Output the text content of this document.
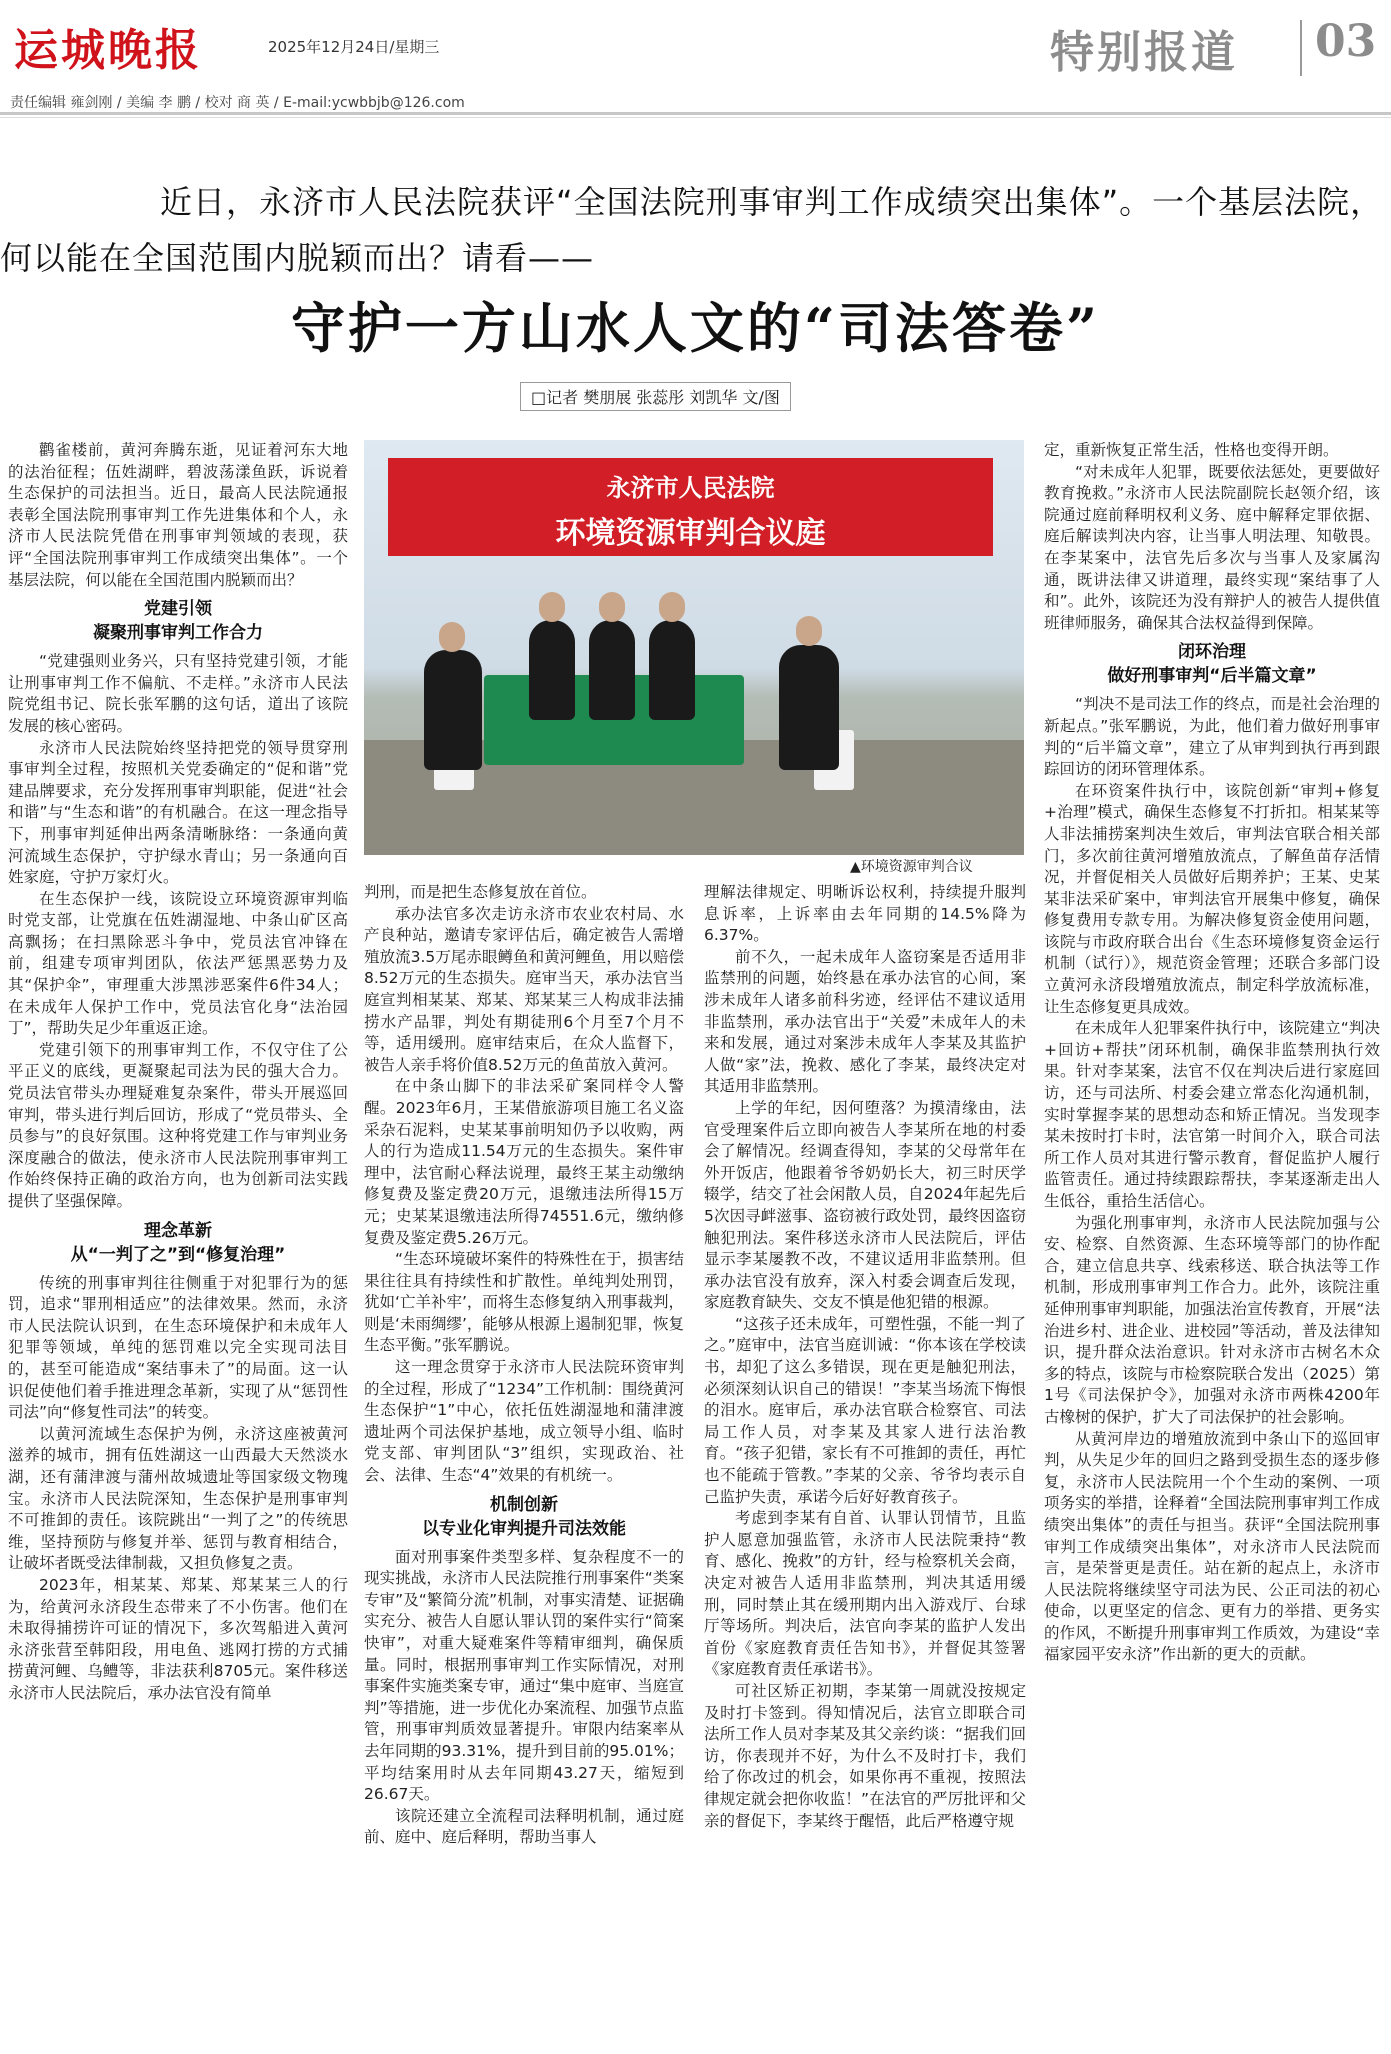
运城晚报	2025年12月24日/星期三	特别报道 03
责任编辑 雍剑刚 / 美编 李 鹏 / 校对 商 英 / E-mail:ycwbbjb@126.com
近日，永济市人民法院获评“全国法院刑事审判工作成绩突出集体”。一个基层法院，何以能在全国范围内脱颖而出？请看——
守护一方山水人文的“司法答卷”
□记者 樊朋展 张蕊彤 刘凯华 文/图

鹳雀楼前，黄河奔腾东逝，见证着河东大地的法治征程；伍姓湖畔，碧波荡漾鱼跃，诉说着生态保护的司法担当。近日，最高人民法院通报表彰全国法院刑事审判工作先进集体和个人，永济市人民法院凭借在刑事审判领域的表现，获评“全国法院刑事审判工作成绩突出集体”。一个基层法院，何以能在全国范围内脱颖而出？

党建引领
凝聚刑事审判工作合力

“党建强则业务兴，只有坚持党建引领，才能让刑事审判工作不偏航、不走样。”永济市人民法院党组书记、院长张军鹏的这句话，道出了该院发展的核心密码。

永济市人民法院始终坚持把党的领导贯穿刑事审判全过程，按照机关党委确定的“促和谐”党建品牌要求，充分发挥刑事审判职能，促进“社会和谐”与“生态和谐”的有机融合。在这一理念指导下，刑事审判延伸出两条清晰脉络：一条通向黄河流域生态保护，守护绿水青山；另一条通向百姓家庭，守护万家灯火。

在生态保护一线，该院设立环境资源审判临时党支部，让党旗在伍姓湖湿地、中条山矿区高高飘扬；在扫黑除恶斗争中，党员法官冲锋在前，组建专项审判团队，依法严惩黑恶势力及其“保护伞”，审理重大涉黑涉恶案件6件34人；在未成年人保护工作中，党员法官化身“法治园丁”，帮助失足少年重返正途。

党建引领下的刑事审判工作，不仅守住了公平正义的底线，更凝聚起司法为民的强大合力。党员法官带头办理疑难复杂案件，带头开展巡回审判，带头进行判后回访，形成了“党员带头、全员参与”的良好氛围。这种将党建工作与审判业务深度融合的做法，使永济市人民法院刑事审判工作始终保持正确的政治方向，也为创新司法实践提供了坚强保障。

理念革新
从“一判了之”到“修复治理”

传统的刑事审判往往侧重于对犯罪行为的惩罚，追求“罪刑相适应”的法律效果。然而，永济市人民法院认识到，在生态环境保护和未成年人犯罪等领域，单纯的惩罚难以完全实现司法目的，甚至可能造成“案结事未了”的局面。这一认识促使他们着手推进理念革新，实现了从“惩罚性司法”向“修复性司法”的转变。

以黄河流域生态保护为例，永济这座被黄河滋养的城市，拥有伍姓湖这一山西最大天然淡水湖，还有蒲津渡与蒲州故城遗址等国家级文物瑰宝。永济市人民法院深知，生态保护是刑事审判不可推卸的责任。该院跳出“一判了之”的传统思维，坚持预防与修复并举、惩罚与教育相结合，让破坏者既受法律制裁，又担负修复之责。

2023年，相某某、郑某、郑某某三人的行为，给黄河永济段生态带来了不小伤害。他们在未取得捕捞许可证的情况下，多次驾船进入黄河永济张营至韩阳段，用电鱼、逃网打捞的方式捕捞黄河鲤、乌鳢等，非法获利8705元。案件移送永济市人民法院后，承办法官没有简单

永济市人民法院
环境资源审判合议庭
▲环境资源审判合议

判刑，而是把生态修复放在首位。

承办法官多次走访永济市农业农村局、水产良种站，邀请专家评估后，确定被告人需增殖放流3.5万尾赤眼鳟鱼和黄河鲤鱼，用以赔偿8.52万元的生态损失。庭审当天，承办法官当庭宣判相某某、郑某、郑某某三人构成非法捕捞水产品罪，判处有期徒刑6个月至7个月不等，适用缓刑。庭审结束后，在众人监督下，被告人亲手将价值8.52万元的鱼苗放入黄河。

在中条山脚下的非法采矿案同样令人警醒。2023年6月，王某借旅游项目施工名义盗采杂石泥料，史某某事前明知仍予以收购，两人的行为造成11.54万元的生态损失。案件审理中，法官耐心释法说理，最终王某主动缴纳修复费及鉴定费20万元，退缴违法所得15万元；史某某退缴违法所得74551.6元，缴纳修复费及鉴定费5.26万元。

“生态环境破坏案件的特殊性在于，损害结果往往具有持续性和扩散性。单纯判处刑罚，犹如‘亡羊补牢’，而将生态修复纳入刑事裁判，则是‘未雨绸缪’，能够从根源上遏制犯罪，恢复生态平衡。”张军鹏说。

这一理念贯穿于永济市人民法院环资审判的全过程，形成了“1234”工作机制：围绕黄河生态保护“1”中心，依托伍姓湖湿地和蒲津渡遗址两个司法保护基地，成立领导小组、临时党支部、审判团队“3”组织，实现政治、社会、法律、生态“4”效果的有机统一。

机制创新
以专业化审判提升司法效能

面对刑事案件类型多样、复杂程度不一的现实挑战，永济市人民法院推行刑事案件“类案专审”及“繁简分流”机制，对事实清楚、证据确实充分、被告人自愿认罪认罚的案件实行“简案快审”，对重大疑难案件等精审细判，确保质量。同时，根据刑事审判工作实际情况，对刑事案件实施类案专审，通过“集中庭审、当庭宣判”等措施，进一步优化办案流程、加强节点监管，刑事审判质效显著提升。审限内结案率从去年同期的93.31%，提升到目前的95.01%；平均结案用时从去年同期43.27天，缩短到26.67天。

该院还建立全流程司法释明机制，通过庭前、庭中、庭后释明，帮助当事人

理解法律规定、明晰诉讼权利，持续提升服判息诉率，上诉率由去年同期的14.5%降为6.37%。

前不久，一起未成年人盗窃案是否适用非监禁刑的问题，始终悬在承办法官的心间，案涉未成年人诸多前科劣迹，经评估不建议适用非监禁刑，承办法官出于“关爱”未成年人的未来和发展，通过对案涉未成年人李某及其监护人做“家”法，挽救、感化了李某，最终决定对其适用非监禁刑。

上学的年纪，因何堕落？为摸清缘由，法官受理案件后立即向被告人李某所在地的村委会了解情况。经调查得知，李某的父母常年在外开饭店，他跟着爷爷奶奶长大，初三时厌学辍学，结交了社会闲散人员，自2024年起先后5次因寻衅滋事、盗窃被行政处罚，最终因盗窃触犯刑法。案件移送永济市人民法院后，评估显示李某屡教不改，不建议适用非监禁刑。但承办法官没有放弃，深入村委会调查后发现，家庭教育缺失、交友不慎是他犯错的根源。

“这孩子还未成年，可塑性强，不能一判了之。”庭审中，法官当庭训诫：“你本该在学校读书，却犯了这么多错误，现在更是触犯刑法，必须深刻认识自己的错误！”李某当场流下悔恨的泪水。庭审后，承办法官联合检察官、司法局工作人员，对李某及其家人进行法治教育。“孩子犯错，家长有不可推卸的责任，再忙也不能疏于管教。”李某的父亲、爷爷均表示自己监护失责，承诺今后好好教育孩子。

考虑到李某有自首、认罪认罚情节，且监护人愿意加强监管，永济市人民法院秉持“教育、感化、挽救”的方针，经与检察机关会商，决定对被告人适用非监禁刑，判决其适用缓刑，同时禁止其在缓刑期内出入游戏厅、台球厅等场所。判决后，法官向李某的监护人发出首份《家庭教育责任告知书》，并督促其签署《家庭教育责任承诺书》。

可社区矫正初期，李某第一周就没按规定及时打卡签到。得知情况后，法官立即联合司法所工作人员对李某及其父亲约谈：“据我们回访，你表现并不好，为什么不及时打卡，我们给了你改过的机会，如果你再不重视，按照法律规定就会把你收监！”在法官的严厉批评和父亲的督促下，李某终于醒悟，此后严格遵守规

定，重新恢复正常生活，性格也变得开朗。

“对未成年人犯罪，既要依法惩处，更要做好教育挽救。”永济市人民法院副院长赵领介绍，该院通过庭前释明权利义务、庭中解释定罪依据、庭后解读判决内容，让当事人明法理、知敬畏。在李某案中，法官先后多次与当事人及家属沟通，既讲法律又讲道理，最终实现“案结事了人和”。此外，该院还为没有辩护人的被告人提供值班律师服务，确保其合法权益得到保障。

闭环治理
做好刑事审判“后半篇文章”

“判决不是司法工作的终点，而是社会治理的新起点。”张军鹏说，为此，他们着力做好刑事审判的“后半篇文章”，建立了从审判到执行再到跟踪回访的闭环管理体系。

在环资案件执行中，该院创新“审判+修复+治理”模式，确保生态修复不打折扣。相某某等人非法捕捞案判决生效后，审判法官联合相关部门，多次前往黄河增殖放流点，了解鱼苗存活情况，并督促相关人员做好后期养护；王某、史某某非法采矿案中，审判法官开展集中修复，确保修复费用专款专用。为解决修复资金使用问题，该院与市政府联合出台《生态环境修复资金运行机制（试行）》，规范资金管理；还联合多部门设立黄河永济段增殖放流点，制定科学放流标准，让生态修复更具成效。

在未成年人犯罪案件执行中，该院建立“判决+回访+帮扶”闭环机制，确保非监禁刑执行效果。针对李某案，法官不仅在判决后进行家庭回访，还与司法所、村委会建立常态化沟通机制，实时掌握李某的思想动态和矫正情况。当发现李某未按时打卡时，法官第一时间介入，联合司法所工作人员对其进行警示教育，督促监护人履行监管责任。通过持续跟踪帮扶，李某逐渐走出人生低谷，重拾生活信心。

为强化刑事审判，永济市人民法院加强与公安、检察、自然资源、生态环境等部门的协作配合，建立信息共享、线索移送、联合执法等工作机制，形成刑事审判工作合力。此外，该院注重延伸刑事审判职能，加强法治宣传教育，开展“法治进乡村、进企业、进校园”等活动，普及法律知识，提升群众法治意识。针对永济市古树名木众多的特点，该院与市检察院联合发出（2025）第1号《司法保护令》，加强对永济市两株4200年古橡树的保护，扩大了司法保护的社会影响。

从黄河岸边的增殖放流到中条山下的巡回审判，从失足少年的回归之路到受损生态的逐步修复，永济市人民法院用一个个生动的案例、一项项务实的举措，诠释着“全国法院刑事审判工作成绩突出集体”的责任与担当。获评“全国法院刑事审判工作成绩突出集体”，对永济市人民法院而言，是荣誉更是责任。站在新的起点上，永济市人民法院将继续坚守司法为民、公正司法的初心使命，以更坚定的信念、更有力的举措、更务实的作风，不断提升刑事审判工作质效，为建设“幸福家园平安永济”作出新的更大的贡献。
